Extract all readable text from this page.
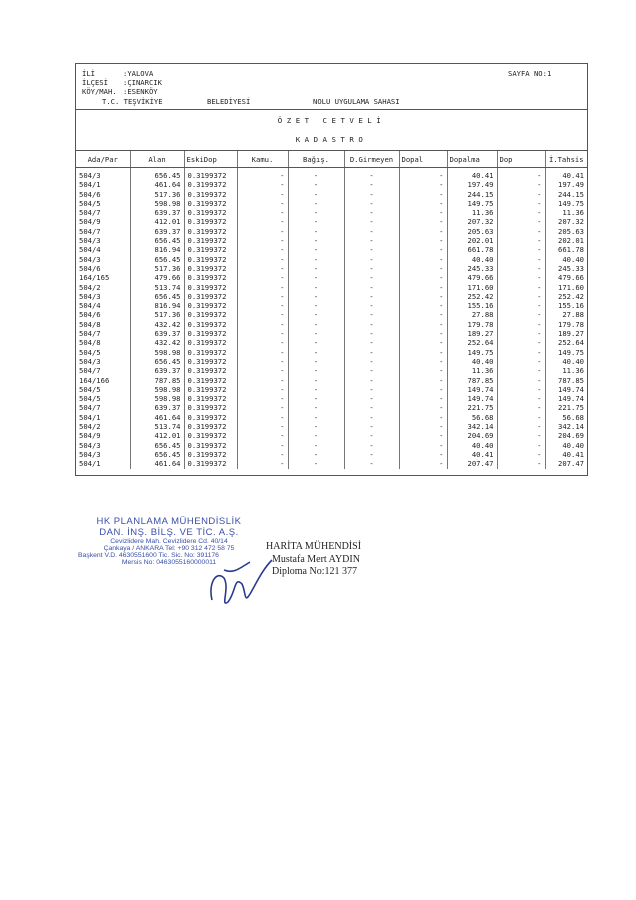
İLİ	:YALOVA
İLÇESİ :ÇINARCIK
KÖY/MAH. :ESENKÖY
T.C. TEŞVİKİYE	BELEDİYESİ	NOLU UYGULAMA SAHASI
SAYFA NO:1
ÖZET CETVELİ
KADASTRO
Ada/Par	Alan	EskiDop	Kamu.	Bağış.	D.Girmeyen	Dopal	Dopalma	Dop	İ.Tahsis
504/3	656.45	0.3199372	-	-	-	-	40.41	-	40.41
504/1	461.64	0.3199372	-	-	-	-	197.49	-	197.49
504/6	517.36	0.3199372	-	-	-	-	244.15	-	244.15
504/5	598.98	0.3199372	-	-	-	-	149.75	-	149.75
504/7	639.37	0.3199372	-	-	-	-	11.36	-	11.36
504/9	412.01	0.3199372	-	-	-	-	207.32	-	207.32
504/7	639.37	0.3199372	-	-	-	-	205.63	-	205.63
504/3	656.45	0.3199372	-	-	-	-	202.01	-	202.01
504/4	816.94	0.3199372	-	-	-	-	661.78	-	661.78
504/3	656.45	0.3199372	-	-	-	-	40.40	-	40.40
504/6	517.36	0.3199372	-	-	-	-	245.33	-	245.33
164/165	479.66	0.3199372	-	-	-	-	479.66	-	479.66
504/2	513.74	0.3199372	-	-	-	-	171.60	-	171.60
504/3	656.45	0.3199372	-	-	-	-	252.42	-	252.42
504/4	816.94	0.3199372	-	-	-	-	155.16	-	155.16
504/6	517.36	0.3199372	-	-	-	-	27.88	-	27.88
504/8	432.42	0.3199372	-	-	-	-	179.78	-	179.78
504/7	639.37	0.3199372	-	-	-	-	189.27	-	189.27
504/8	432.42	0.3199372	-	-	-	-	252.64	-	252.64
504/5	598.98	0.3199372	-	-	-	-	149.75	-	149.75
504/3	656.45	0.3199372	-	-	-	-	40.40	-	40.40
504/7	639.37	0.3199372	-	-	-	-	11.36	-	11.36
164/166	787.85	0.3199372	-	-	-	-	787.85	-	787.85
504/5	598.98	0.3199372	-	-	-	-	149.74	-	149.74
504/5	598.98	0.3199372	-	-	-	-	149.74	-	149.74
504/7	639.37	0.3199372	-	-	-	-	221.75	-	221.75
504/1	461.64	0.3199372	-	-	-	-	56.68	-	56.68
504/2	513.74	0.3199372	-	-	-	-	342.14	-	342.14
504/9	412.01	0.3199372	-	-	-	-	204.69	-	204.69
504/3	656.45	0.3199372	-	-	-	-	40.40	-	40.40
504/3	656.45	0.3199372	-	-	-	-	40.41	-	40.41
504/1	461.64	0.3199372	-	-	-	-	207.47	-	207.47
HK PLANLAMA MÜHENDİSLİK
DAN. İNŞ. BİLŞ. VE TİC. A.Ş.
Cevizlidere Mah. Cevizlidere Cd. 40/14
Çankaya / ANKARA Tel: +90 312 472 58 75
Başkent V.D. 4630551600 Tic. Sic. No: 391176
Mersis No: 0463055160000011
HARİTA MÜHENDİSİ
Mustafa Mert AYDIN
Diploma No:121 377
